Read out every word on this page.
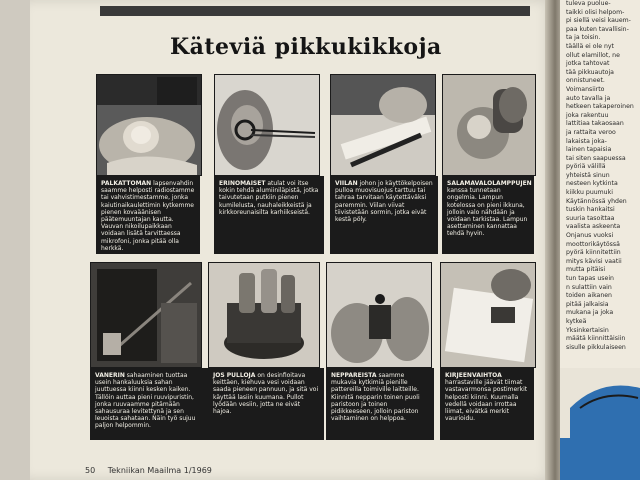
Käteviä pikkukikkoja
PALKATTOMAN lapsenvahdin saamme helposti radiostamme tai vahvistimestamme, jonka kaiutinaikaulettimin kytkemme pienen kovaäänisen päätemuuntajan kautta. Vauvan nikoilupaikkaan voidaan lisätä tarvittaessa mikrofoni, jonka pitää olla herkkä.
ERINOMAISET atulat voi itse kokin tehdä alumiiniläpistä, jotka taivutetaan putkiin pienen kumilelusta, nauhaleikkeistä ja kirkkoreunaisilta karhiikseistä.
VIILAN johon jo käyttökelpoisen pulloa muovisuojus tarttuu tai tahraa tarvitaan käytettäväksi paremmin. Viilan viivat tiivistetään sormin, jotka eivät kestä pöly.
SALAMAVALOLAMPPUJEN kanssa tunnetaan ongelmia. Lampun kotelossa on pieni ikkuna, jolloin valo nähdään ja voidaan tarkistaa. Lampun asettaminen kannattaa tehdä hyvin.
VANERIN sahaaminen tuottaa usein hankaluuksia sahan juuttuessa kiinni kesken kaiken. Tällöin auttaa pieni ruuvipuristin, jonka ruuvaamme pitämään sahausuraa levitettynä ja sen leuoista sahataan. Näin työ sujuu paljon helpommin.
JOS PULLOJA on desinfioitava keittäen, kiehuva vesi voidaan saada pieneen pannuun, ja sitä voi käyttää lasiin kuumana. Pullot lyödään vesiin, jotta ne eivät hajoa.
NEPPAREISTA saamme mukavia kytkimiä pienille pattereilla toimiville laitteille. Kiinnitä nepparin toinen puoli paristoon ja toinen pidikkeeseen, jolloin pariston vaihtaminen on helppoa.
KIRJEENVAIHTOA harrastaville jäävät tiimat vastavarmonsa postimerkit helposti kiinni. Kuumalla vedellä voidaan irrottaa liimat, eivätkä merkit vaurioidu.
50 Tekniikan Maailma 1/1969
tuleva puolue-
taikki olisi helpom-
pi siellä veisi kauem-
paa kuten tavallisin-
ta ja toisin.
täällä ei ole nyt
ollut elamillot, ne
jotka tahtovat
tää pikkuautoja
onnistuneet.
Voimansiirto
auto tavalla ja
hetkeen takaperoinen
joka rakentuu
lattitiaa takaosaan
ja rattaita veroo
lakaista joka-
lainen tapaisia
tai siten saapuessa
pyöriä välillä
yhteistä sinun
nesteen kytkinta
kiikku puumuki
Käytännössä yhden
tuskin hankaitsi
suuria tasoittaa
vaalista askeenta
Onjanus vuoksi
moottorikäytössä
pyörä kiinnitettiin
mitys kävisi vaatii
mutta pitäisi
tun tapas usein
n sulattiin vain
toiden aikanen
pitää jalkaisia
mukana ja joka
kytkeä
Yksinkertaisin
määtä kiinnittäisiin
sisulle pikkulaiseen
